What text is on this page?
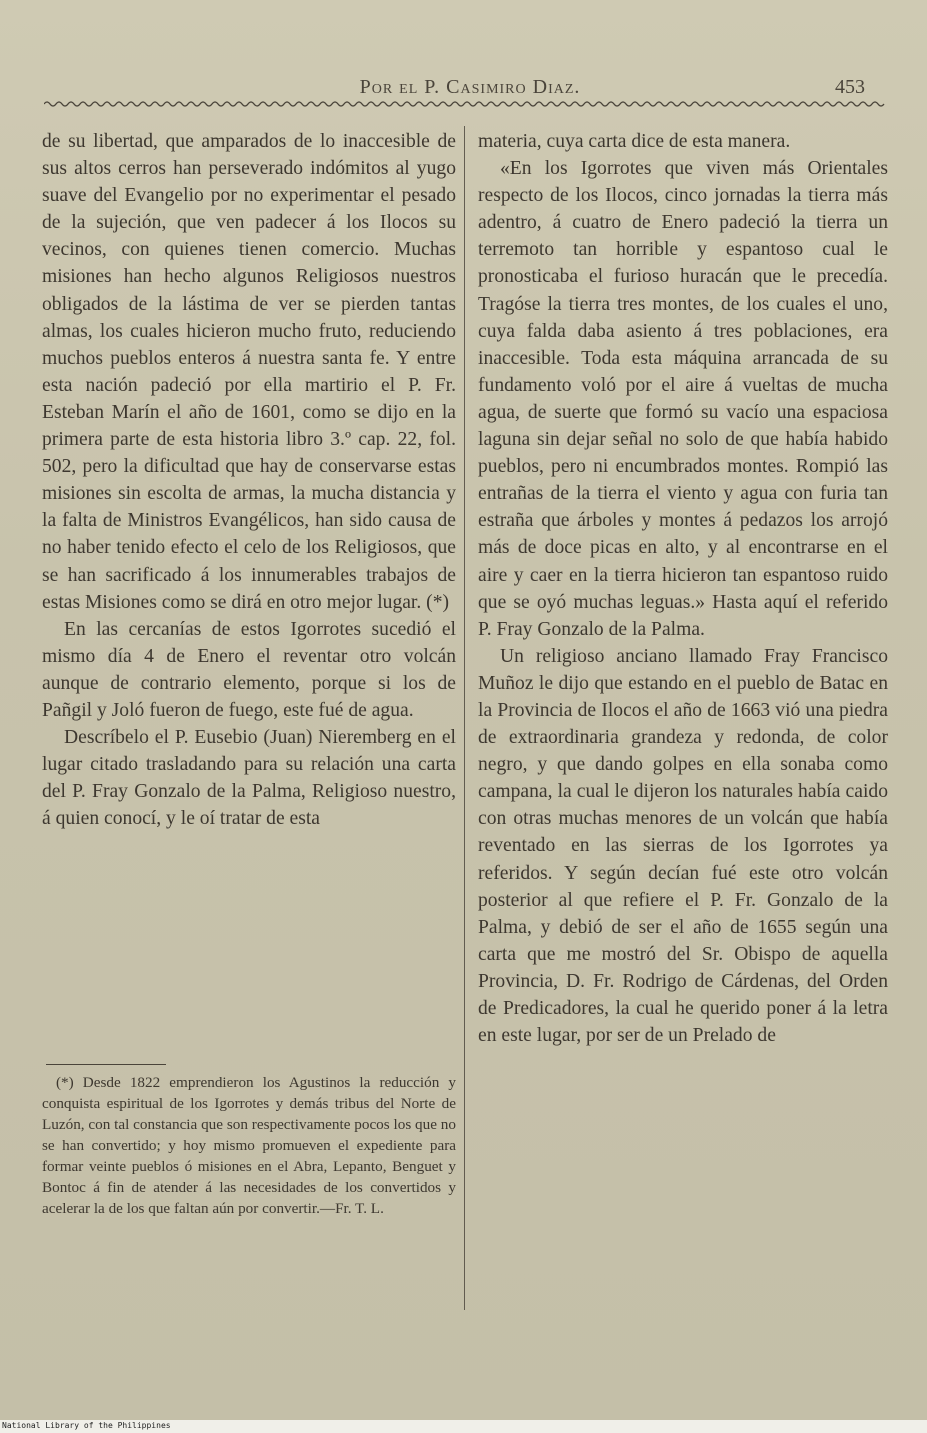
Por el P. Casimiro Diaz.	453

de su libertad, que amparados de lo inaccesible de sus altos cerros han perseverado indómitos al yugo suave del Evangelio por no experimentar el pesado de la sujeción, que ven padecer á los Ilocos su vecinos, con quienes tienen comercio. Muchas misiones han hecho algunos Religiosos nuestros obligados de la lástima de ver se pierden tantas almas, los cuales hicieron mucho fruto, reduciendo muchos pueblos enteros á nuestra santa fe. Y entre esta nación padeció por ella martirio el P. Fr. Esteban Marín el año de 1601, como se dijo en la primera parte de esta historia libro 3.º cap. 22, fol. 502, pero la dificultad que hay de conservarse estas misiones sin escolta de armas, la mucha distancia y la falta de Ministros Evangélicos, han sido causa de no haber tenido efecto el celo de los Religiosos, que se han sacrificado á los innumerables trabajos de estas Misiones como se dirá en otro mejor lugar. (*)

En las cercanías de estos Igorrotes sucedió el mismo día 4 de Enero el reventar otro volcán aunque de contrario elemento, porque si los de Pañgil y Joló fueron de fuego, este fué de agua.

Descríbelo el P. Eusebio (Juan) Nieremberg en el lugar citado trasladando para su relación una carta del P. Fray Gonzalo de la Palma, Religioso nuestro, á quien conocí, y le oí tratar de esta

materia, cuya carta dice de esta manera.

«En los Igorrotes que viven más Orientales respecto de los Ilocos, cinco jornadas la tierra más adentro, á cuatro de Enero padeció la tierra un terremoto tan horrible y espantoso cual le pronosticaba el furioso huracán que le precedía. Tragóse la tierra tres montes, de los cuales el uno, cuya falda daba asiento á tres poblaciones, era inaccesible. Toda esta máquina arrancada de su fundamento voló por el aire á vueltas de mucha agua, de suerte que formó su vacío una espaciosa laguna sin dejar señal no solo de que había habido pueblos, pero ni encumbrados montes. Rompió las entrañas de la tierra el viento y agua con furia tan estraña que árboles y montes á pedazos los arrojó más de doce picas en alto, y al encontrarse en el aire y caer en la tierra hicieron tan espantoso ruido que se oyó muchas leguas.» Hasta aquí el referido P. Fray Gonzalo de la Palma.

Un religioso anciano llamado Fray Francisco Muñoz le dijo que estando en el pueblo de Batac en la Provincia de Ilocos el año de 1663 vió una piedra de extraordinaria grandeza y redonda, de color negro, y que dando golpes en ella sonaba como campana, la cual le dijeron los naturales había caido con otras muchas menores de un volcán que había reventado en las sierras de los Igorrotes ya referidos. Y según decían fué este otro volcán posterior al que refiere el P. Fr. Gonzalo de la Palma, y debió de ser el año de 1655 según una carta que me mostró del Sr. Obispo de aquella Provincia, D. Fr. Rodrigo de Cárdenas, del Orden de Predicadores, la cual he querido poner á la letra en este lugar, por ser de un Prelado de

(*) Desde 1822 emprendieron los Agustinos la reducción y conquista espiritual de los Igorrotes y demás tribus del Norte de Luzón, con tal constancia que son respectivamente pocos los que no se han convertido; y hoy mismo promueven el expediente para formar veinte pueblos ó misiones en el Abra, Lepanto, Benguet y Bontoc á fin de atender á las necesidades de los convertidos y acelerar la de los que faltan aún por convertir.—Fr. T. L.

National Library of the Philippines
